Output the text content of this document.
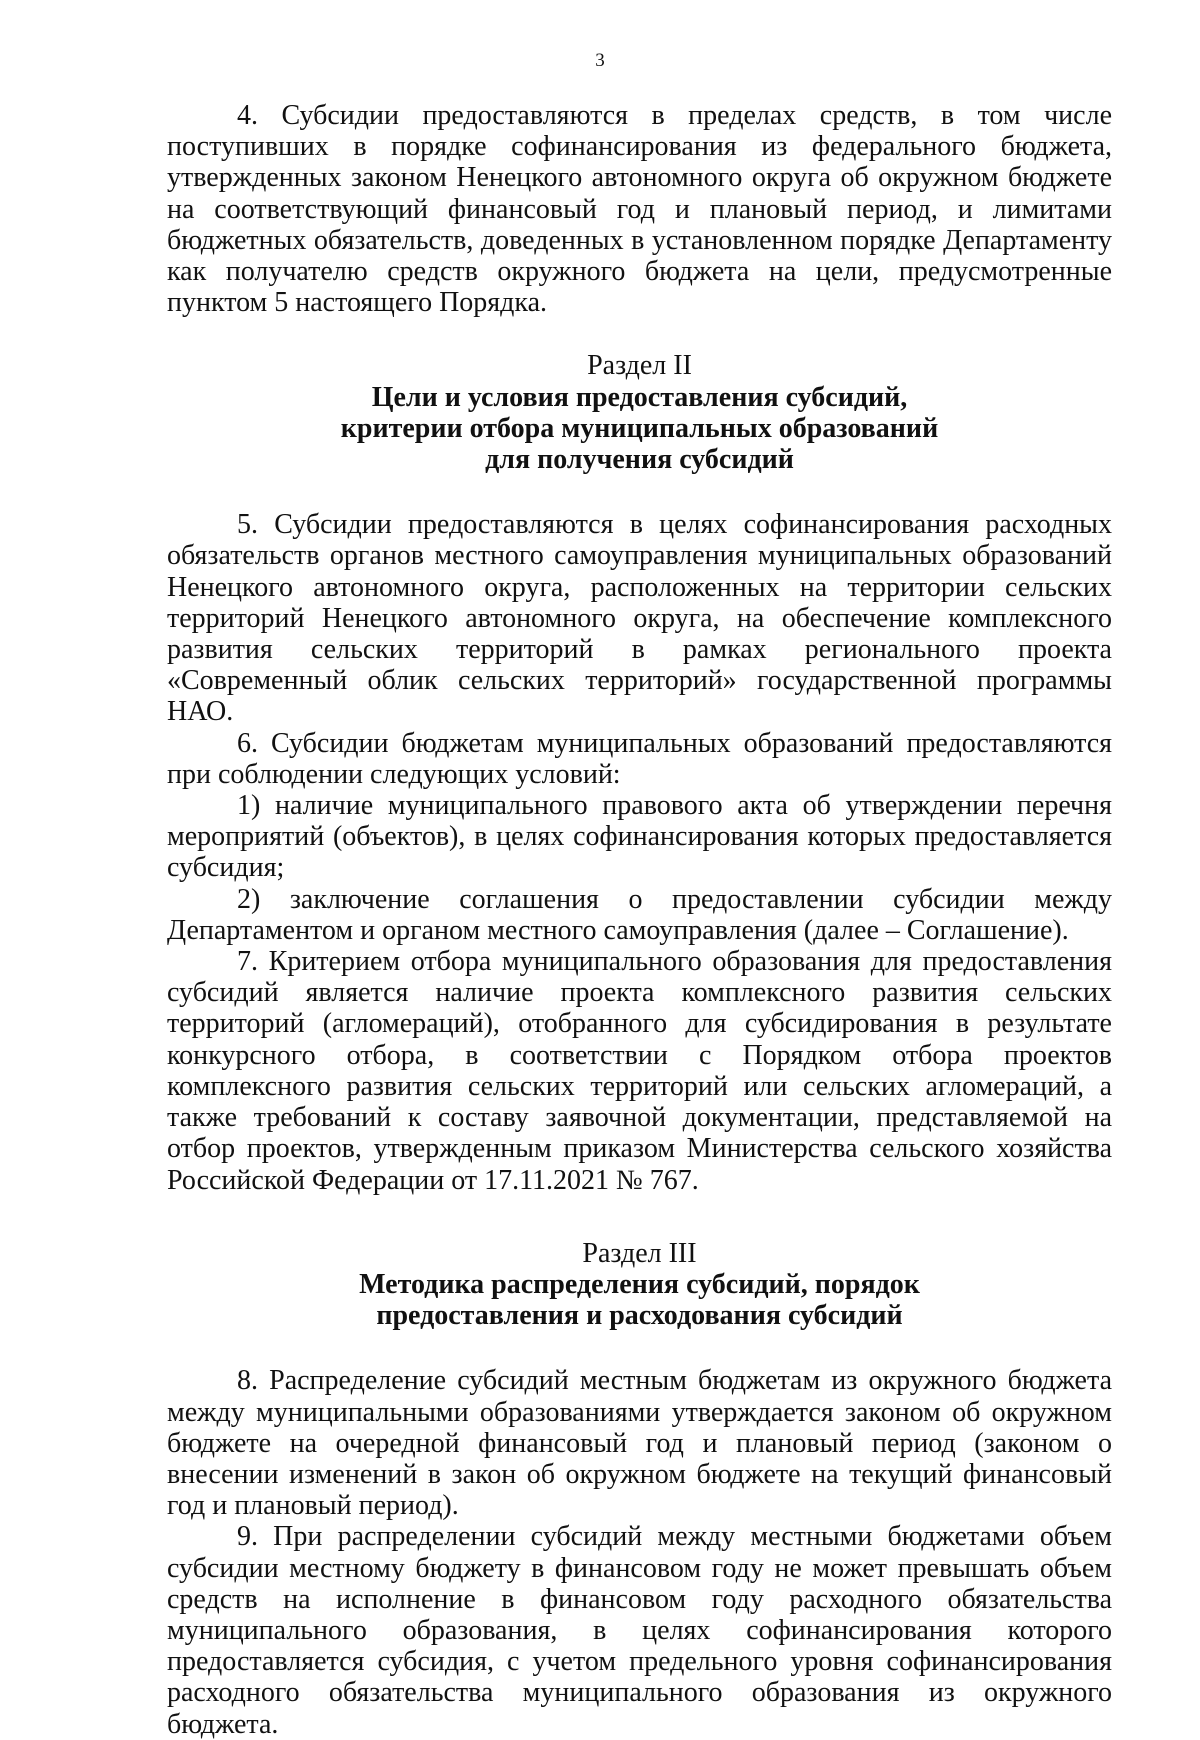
3

4. Субсидии предоставляются в пределах средств, в том числе поступивших в порядке софинансирования из федерального бюджета, утвержденных законом Ненецкого автономного округа об окружном бюджете на соответствующий финансовый год и плановый период, и лимитами бюджетных обязательств, доведенных в установленном порядке Департаменту как получателю средств окружного бюджета на цели, предусмотренные пунктом 5 настоящего Порядка.

Раздел II

Цели и условия предоставления субсидий,
критерии отбора муниципальных образований
для получения субсидий

5. Субсидии предоставляются в целях софинансирования расходных обязательств органов местного самоуправления муниципальных образований Ненецкого автономного округа, расположенных на территории сельских территорий Ненецкого автономного округа, на обеспечение комплексного развития сельских территорий в рамках регионального проекта «Современный облик сельских территорий» государственной программы НАО.

6. Субсидии бюджетам муниципальных образований предоставляются при соблюдении следующих условий:

1) наличие муниципального правового акта об утверждении перечня мероприятий (объектов), в целях софинансирования которых предоставляется субсидия;

2) заключение соглашения о предоставлении субсидии между Департаментом и органом местного самоуправления (далее – Соглашение).

7. Критерием отбора муниципального образования для предоставления субсидий является наличие проекта комплексного развития сельских территорий (агломераций), отобранного для субсидирования в результате конкурсного отбора, в соответствии с Порядком отбора проектов комплексного развития сельских территорий или сельских агломераций, а также требований к составу заявочной документации, представляемой на отбор проектов, утвержденным приказом Министерства сельского хозяйства Российской Федерации от 17.11.2021 № 767.

Раздел III

Методика распределения субсидий, порядок
предоставления и расходования субсидий

8. Распределение субсидий местным бюджетам из окружного бюджета между муниципальными образованиями утверждается законом об окружном бюджете на очередной финансовый год и плановый период (законом о внесении изменений в закон об окружном бюджете на текущий финансовый год и плановый период).

9. При распределении субсидий между местными бюджетами объем субсидии местному бюджету в финансовом году не может превышать объем средств на исполнение в финансовом году расходного обязательства муниципального образования, в целях софинансирования которого предоставляется субсидия, с учетом предельного уровня софинансирования расходного обязательства муниципального образования из окружного бюджета.
